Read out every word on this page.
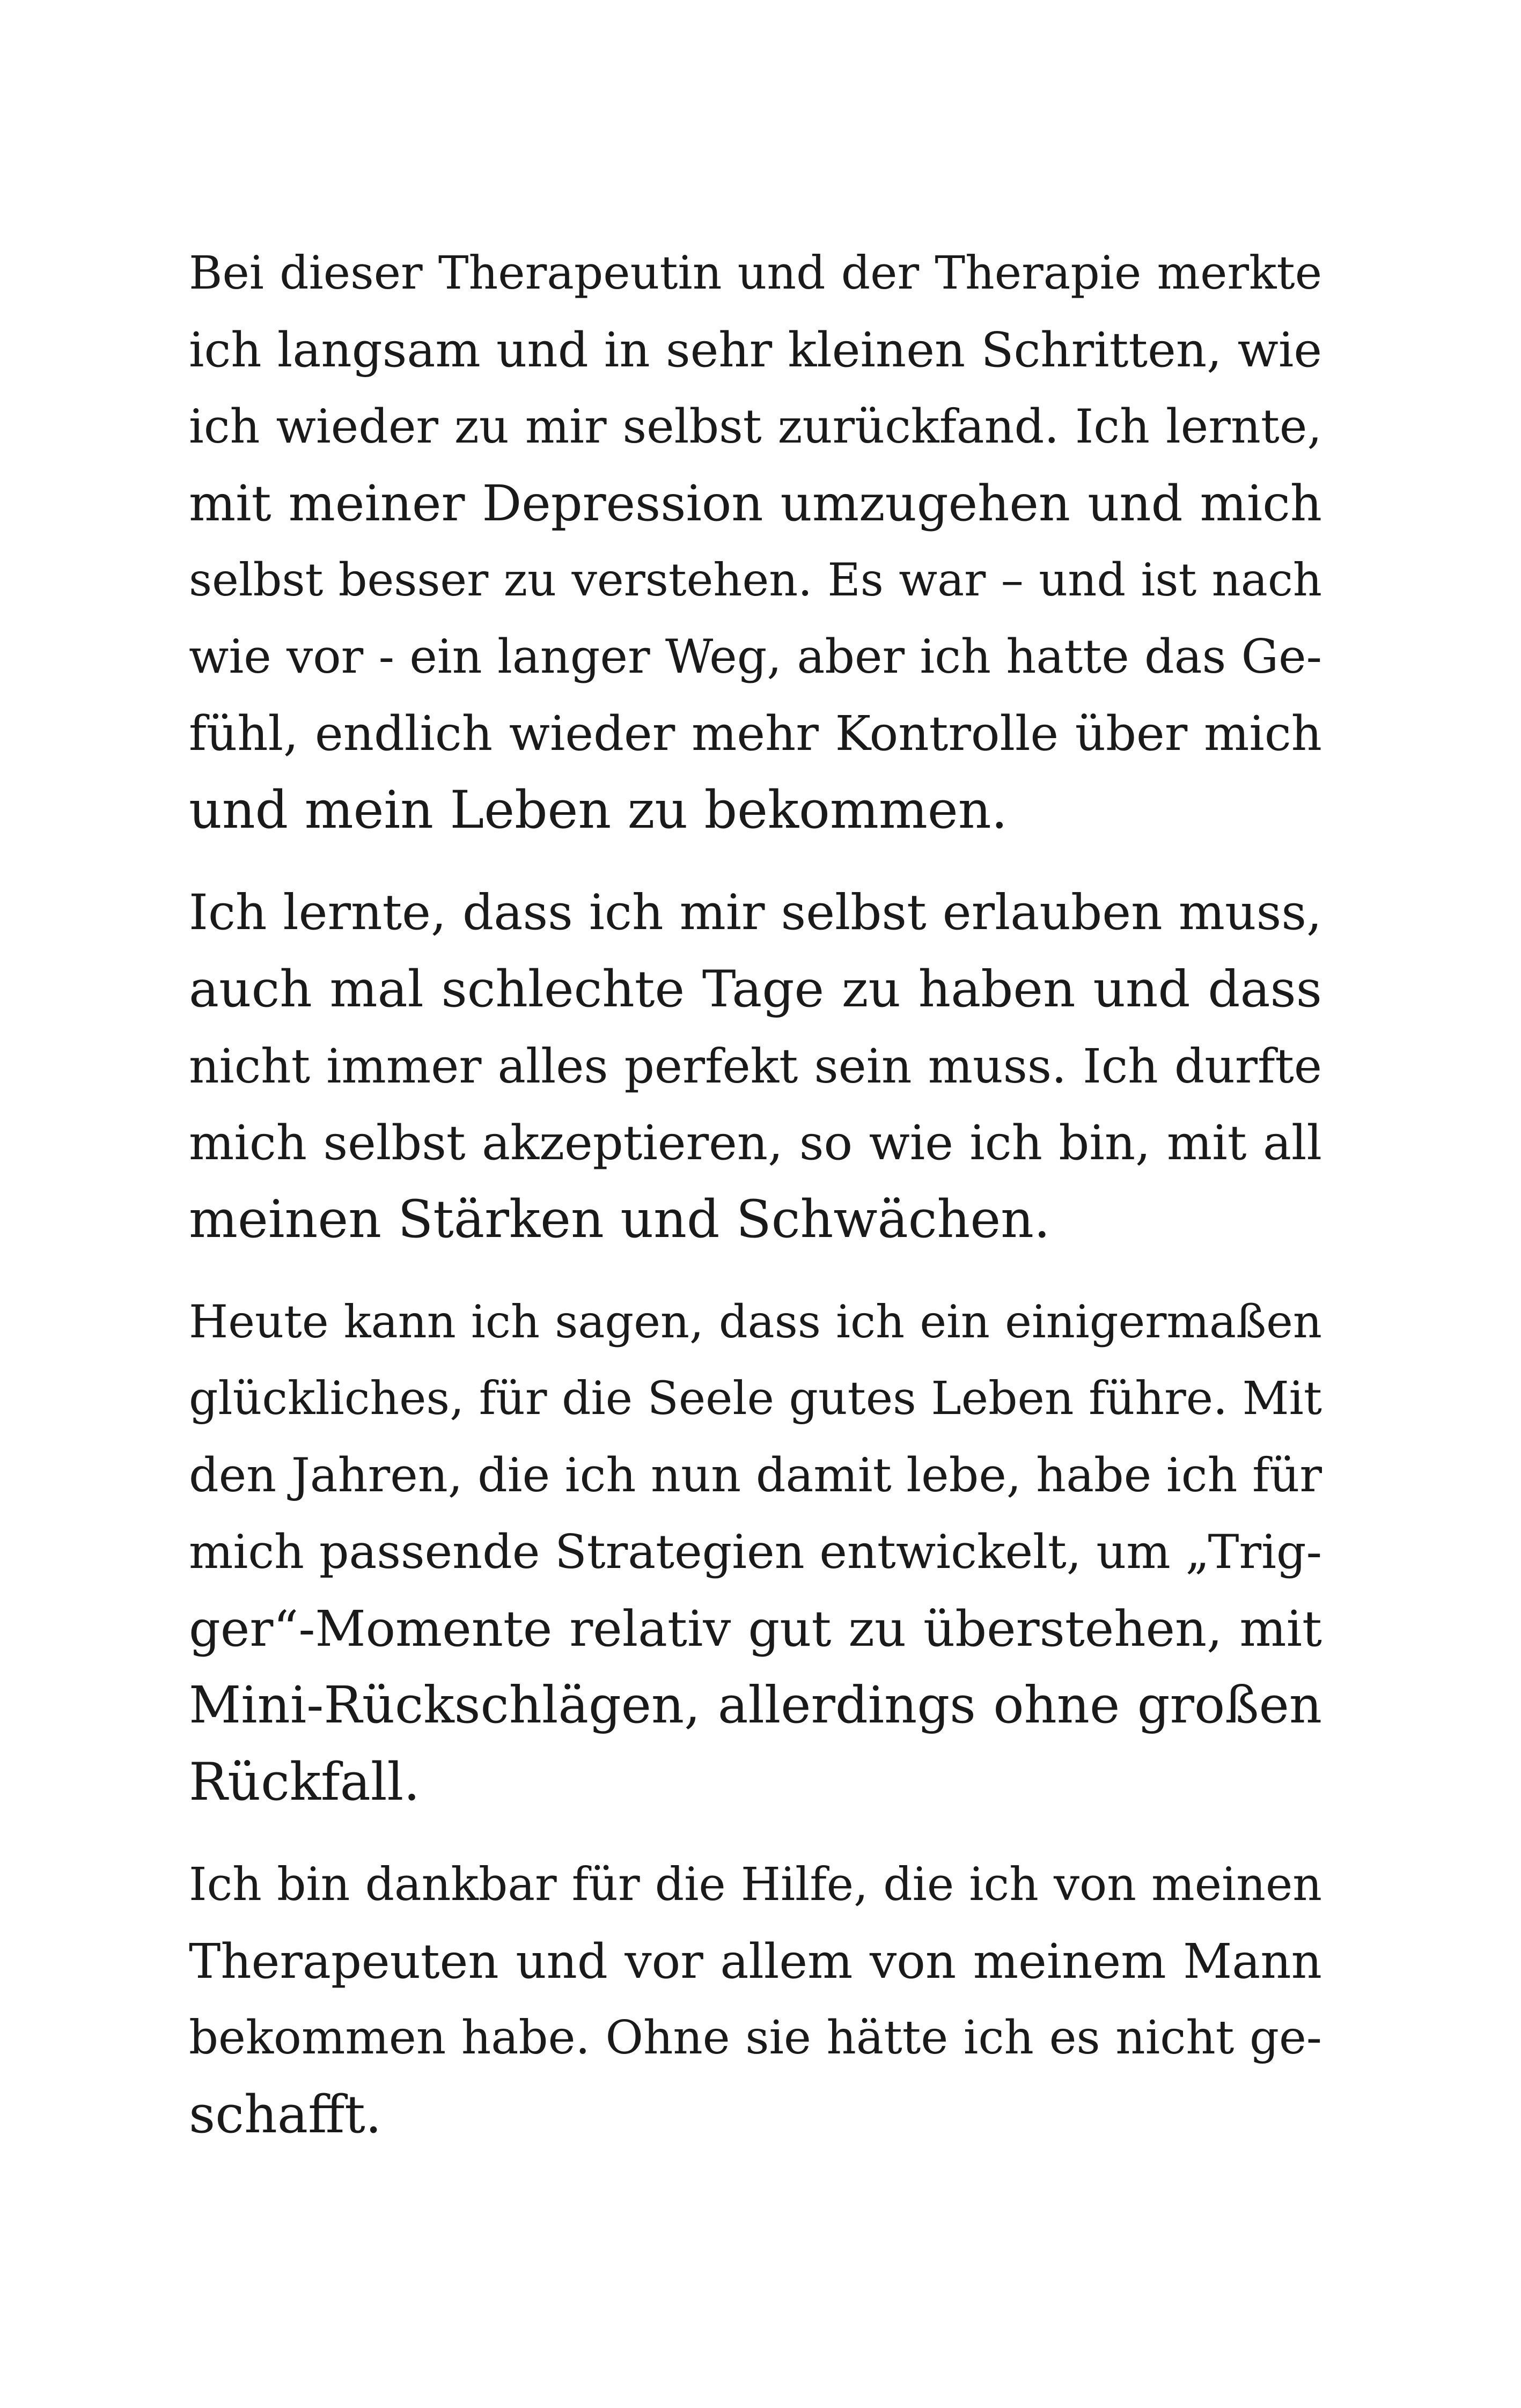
Bei dieser Therapeutin und der Therapie merkte
ich langsam und in sehr kleinen Schritten, wie
ich wieder zu mir selbst zurückfand. Ich lernte,
mit meiner Depression umzugehen und mich
selbst besser zu verstehen. Es war – und ist nach
wie vor - ein langer Weg, aber ich hatte das Ge-
fühl, endlich wieder mehr Kontrolle über mich
und mein Leben zu bekommen.
Ich lernte, dass ich mir selbst erlauben muss,
auch mal schlechte Tage zu haben und dass
nicht immer alles perfekt sein muss. Ich durfte
mich selbst akzeptieren, so wie ich bin, mit all
meinen Stärken und Schwächen.
Heute kann ich sagen, dass ich ein einigermaßen
glückliches, für die Seele gutes Leben führe. Mit
den Jahren, die ich nun damit lebe, habe ich für
mich passende Strategien entwickelt, um „Trig-
ger“-Momente relativ gut zu überstehen, mit
Mini-Rückschlägen, allerdings ohne großen
Rückfall.
Ich bin dankbar für die Hilfe, die ich von meinen
Therapeuten und vor allem von meinem Mann
bekommen habe. Ohne sie hätte ich es nicht ge-
schafft.
